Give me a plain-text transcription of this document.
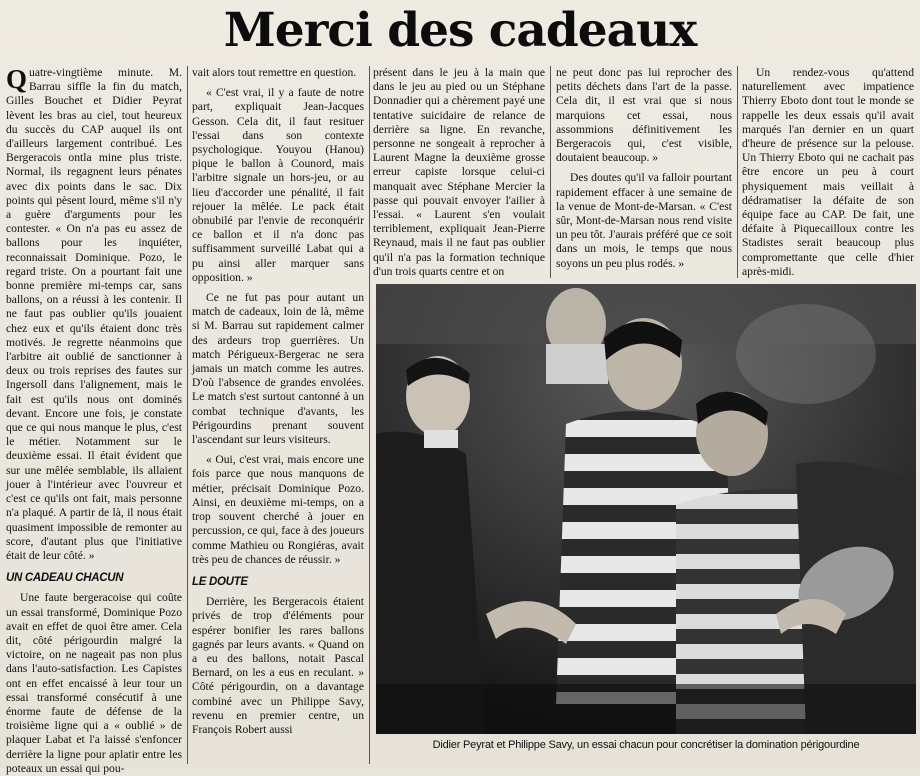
Merci des cadeaux

Quatre-vingtième minute. M. Barrau siffle la fin du match, Gilles Bouchet et Didier Peyrat lèvent les bras au ciel, tout heureux du succès du CAP auquel ils ont d'ailleurs largement contribué. Les Bergeracois ontla mine plus triste. Normal, ils regagnent leurs pénates avec dix points dans le sac. Dix points qui pèsent lourd, même s'il n'y a guère d'arguments pour les contester. « On n'a pas eu assez de ballons pour les inquiéter, reconnaissait Dominique. Pozo, le regard triste. On a pourtant fait une bonne première mi-temps car, sans ballons, on a réussi à les contenir. Il ne faut pas oublier qu'ils jouaient chez eux et qu'ils étaient donc très motivés. Je regrette néanmoins que l'arbitre ait oublié de sanctionner à deux ou trois reprises des fautes sur Ingersoll dans l'alignement, mais le fait est qu'ils nous ont dominés devant. Encore une fois, je constate que ce qui nous manque le plus, c'est le métier. Notamment sur le deuxième essai. Il était évident que sur une mêlée semblable, ils allaient jouer à l'intérieur avec l'ouvreur et c'est ce qu'ils ont fait, mais personne n'a plaqué. A partir de là, il nous était quasiment impossible de remonter au score, d'autant plus que l'initiative était de leur côté. »

UN CADEAU CHACUN

Une faute bergeracoise qui coûte un essai transformé, Dominique Pozo avait en effet de quoi être amer. Cela dit, côté périgourdin malgré la victoire, on ne nageait pas non plus dans l'auto-satisfaction. Les Capistes ont en effet encaissé à leur tour un essai transformé consécutif à une énorme faute de défense de la troisième ligne qui a « oublié » de plaquer Labat et l'a laissé s'enfoncer derrière la ligne pour aplatir entre les poteaux un essai qui pou-

vait alors tout remettre en question.

« C'est vrai, il y a faute de notre part, expliquait Jean-Jacques Gesson. Cela dit, il faut resituer l'essai dans son contexte psychologique. Youyou (Hanou) pique le ballon à Counord, mais l'arbitre signale un hors-jeu, or au lieu d'accorder une pénalité, il fait rejouer la mêlée. Le pack était obnubilé par l'envie de reconquérir ce ballon et il n'a donc pas suffisamment surveillé Labat qui a pu ainsi aller marquer sans opposition. »

Ce ne fut pas pour autant un match de cadeaux, loin de là, même si M. Barrau sut rapidement calmer des ardeurs trop guerrières. Un match Périgueux-Bergerac ne sera jamais un match comme les autres. D'où l'absence de grandes envolées. Le match s'est surtout cantonné à un combat technique d'avants, les Périgourdins prenant souvent l'ascendant sur leurs visiteurs.

« Oui, c'est vrai, mais encore une fois parce que nous manquons de métier, précisait Dominique Pozo. Ainsi, en deuxième mi-temps, on a trop souvent cherché à jouer en percussion, ce qui, face à des joueurs comme Mathieu ou Rongiéras, avait très peu de chances de réussir. »

LE DOUTE

Derrière, les Bergeracois étaient privés de trop d'éléments pour espérer bonifier les rares ballons gagnés par leurs avants. « Quand on a eu des ballons, notait Pascal Bernard, on les a eus en reculant. » Côté périgourdin, on a davantage combiné avec un Philippe Savy, revenu en premier centre, un François Robert aussi

présent dans le jeu à la main que dans le jeu au pied ou un Stéphane Donnadier qui a chèrement payé une tentative suicidaire de relance de derrière sa ligne. En revanche, personne ne songeait à reprocher à Laurent Magne la deuxième grosse erreur capiste lorsque celui-ci manquait avec Stéphane Mercier la passe qui pouvait envoyer l'ailier à l'essai. « Laurent s'en voulait terriblement, expliquait Jean-Pierre Reynaud, mais il ne faut pas oublier qu'il n'a pas la formation technique d'un trois quarts centre et on

ne peut donc pas lui reprocher des petits déchets dans l'art de la passe. Cela dit, il est vrai que si nous marquions cet essai, nous assommions définitivement les Bergeracois qui, c'est visible, doutaient beaucoup. »

Des doutes qu'il va falloir pourtant rapidement effacer à une semaine de la venue de Mont-de-Marsan. « C'est sûr, Mont-de-Marsan nous rend visite un peu tôt. J'aurais préféré que ce soit dans un mois, le temps que nous soyons un peu plus rodés. »

Un rendez-vous qu'attend naturellement avec impatience Thierry Eboto dont tout le monde se rappelle les deux essais qu'il avait marqués l'an dernier en un quart d'heure de présence sur la pelouse. Un Thierry Eboto qui ne cachait pas être encore un peu à court physiquement mais veillait à dédramatiser la défaite de son équipe face au CAP. De fait, une défaite à Piquecailloux contre les Stadistes serait beaucoup plus compromettante que celle d'hier après-midi.

Didier Peyrat et Philippe Savy, un essai chacun pour concrétiser la domination périgourdine
